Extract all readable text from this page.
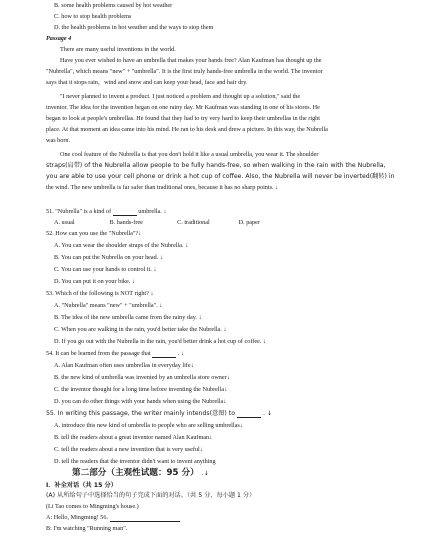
B. some health problems caused by hot weather

C. how to stop health problems

D. the health problems in hot weather and the ways to stop them

Passage 4

There are many useful inventions in the world.

Have you ever wished to have an umbrella that makes your hands free? Alan Kaufman has thought up the

"Nubrella", which means "new" + "umbrella". It is the first truly hands-free umbrella in the world. The inventor

says that it stops rain，wind and snow and can keep your head, face and hair dry.

"I never planned to invent a product. I just noticed a problem and thought up a solution," said the

inventor. The idea for the invention began on one rainy day. Mr Kaufman was standing in one of his stores. He

began to look at people's umbrellas. He found that they had to try very hard to keep their umbrellas in the right

place. At that moment an idea came into his mind. He ran to his desk and drew a picture. In this way, the Nubrella

was born.

One cool feature of the Nubrella is that you don't hold it like a usual umbrella, you wear it. The shoulder

straps(肩带) of the Nubrella allow people to be fully hands-free, so when walking in the rain with the Nubrella,

you are able to use your cell phone or drink a hot cup of coffee. Also, the Nubrella will never be inverted(翻转) in

the wind. The new umbrella is far safer than traditional ones, because it has no sharp points. ↓

51. "Nubrella" is a kind of	umbrella. ↓

A. usual	B. hands-free	C. traditional	D. paper

52. How can you use the "Nubrella"?↓

A. You can wear the shoulder straps of the Nubrella. ↓

B. You can put the Nubrella on your head. ↓

C. You can use your hands to control it. ↓

D. You can put it on your bike. ↓

53. Which of the following is NOT right? ↓

A. "Nubrella" means "new" + "umbrella". ↓

B. The idea of the new umbrella came from the rainy day. ↓

C. When you are walking in the rain, you'd better take the Nubrella. ↓

D. If you go out with the Nubrella in the rain, you'd better drink a hot cup of coffee. ↓

54. It can be learned from the passage that	. ↓

A. Alan Kaufman often uses umbrellas in everyday life↓

B. the new kind of umbrella was invented by an umbrella store owner↓

C. the inventor thought for a long time before inventing the Nubrella↓

D. you can do other things with your hands when using the Nubrella↓

55. In writing this passage, the writer mainly intends(意图) to	. ↓

A. introduce this new kind of umbrella to people who are selling umbrellas↓

B. tell the readers about a great inventor named Alan Kaufman↓

C. tell the readers about a new invention that is very useful↓

D. tell the readers that the inventor didn't want to invent anything

第二部分（主观性试题：95 分） .↓

I．补全对话（共 15 分）

(A) 从所给句子中选择恰当的句子完成下面的对话。（共 5 分，每小题 1 分）

(Li Tao comes to Mingming's house.)

A: Hello, Mingming! 56.

B: I'm watching "Running man".
